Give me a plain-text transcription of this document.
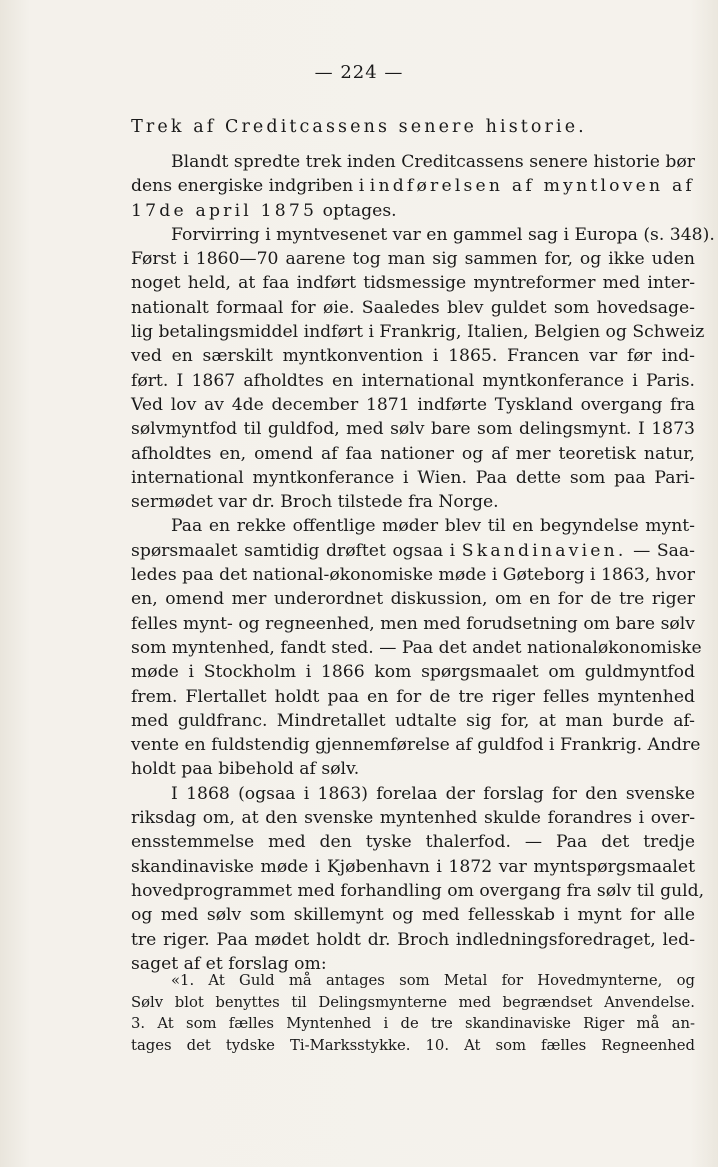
— 224 —
Trek af Creditcassens senere historie.
Blandt spredte trek inden Creditcassens senere historie bør
dens energiske indgriben i indførelsen af myntloven af
17de april 1875 optages.
Forvirring i myntvesenet var en gammel sag i Europa (s. 348).
Først i 1860—70 aarene tog man sig sammen for, og ikke uden
noget held, at faa indført tidsmessige myntreformer med inter-
nationalt formaal for øie. Saaledes blev guldet som hovedsage-
lig betalingsmiddel indført i Frankrig, Italien, Belgien og Schweiz
ved en særskilt myntkonvention i 1865. Francen var før ind-
ført. I 1867 afholdtes en international myntkonferance i Paris.
Ved lov av 4de december 1871 indførte Tyskland overgang fra
sølvmyntfod til guldfod, med sølv bare som delingsmynt. I 1873
afholdtes en, omend af faa nationer og af mer teoretisk natur,
international myntkonferance i Wien. Paa dette som paa Pari-
sermødet var dr. Broch tilstede fra Norge.
Paa en rekke offentlige møder blev til en begyndelse mynt-
spørsmaalet samtidig drøftet ogsaa i Skandinavien. — Saa-
ledes paa det national-økonomiske møde i Gøteborg i 1863, hvor
en, omend mer underordnet diskussion, om en for de tre riger
felles mynt- og regneenhed, men med forudsetning om bare sølv
som myntenhed, fandt sted. — Paa det andet nationaløkonomiske
møde i Stockholm i 1866 kom spørgsmaalet om guldmyntfod
frem. Flertallet holdt paa en for de tre riger felles myntenhed
med guldfranc. Mindretallet udtalte sig for, at man burde af-
vente en fuldstendig gjennemførelse af guldfod i Frankrig. Andre
holdt paa bibehold af sølv.
I 1868 (ogsaa i 1863) forelaa der forslag for den svenske
riksdag om, at den svenske myntenhed skulde forandres i over-
ensstemmelse med den tyske thalerfod. — Paa det tredje
skandinaviske møde i Kjøbenhavn i 1872 var myntspørgsmaalet
hovedprogrammet med forhandling om overgang fra sølv til guld,
og med sølv som skillemynt og med fellesskab i mynt for alle
tre riger. Paa mødet holdt dr. Broch indledningsforedraget, led-
saget af et forslag om:
«1. At Guld må antages som Metal for Hovedmynterne, og
Sølv blot benyttes til Delingsmynterne med begrændset Anvendelse.
3. At som fælles Myntenhed i de tre skandinaviske Riger må an-
tages det tydske Ti-Marksstykke. 10. At som fælles Regneenhed
